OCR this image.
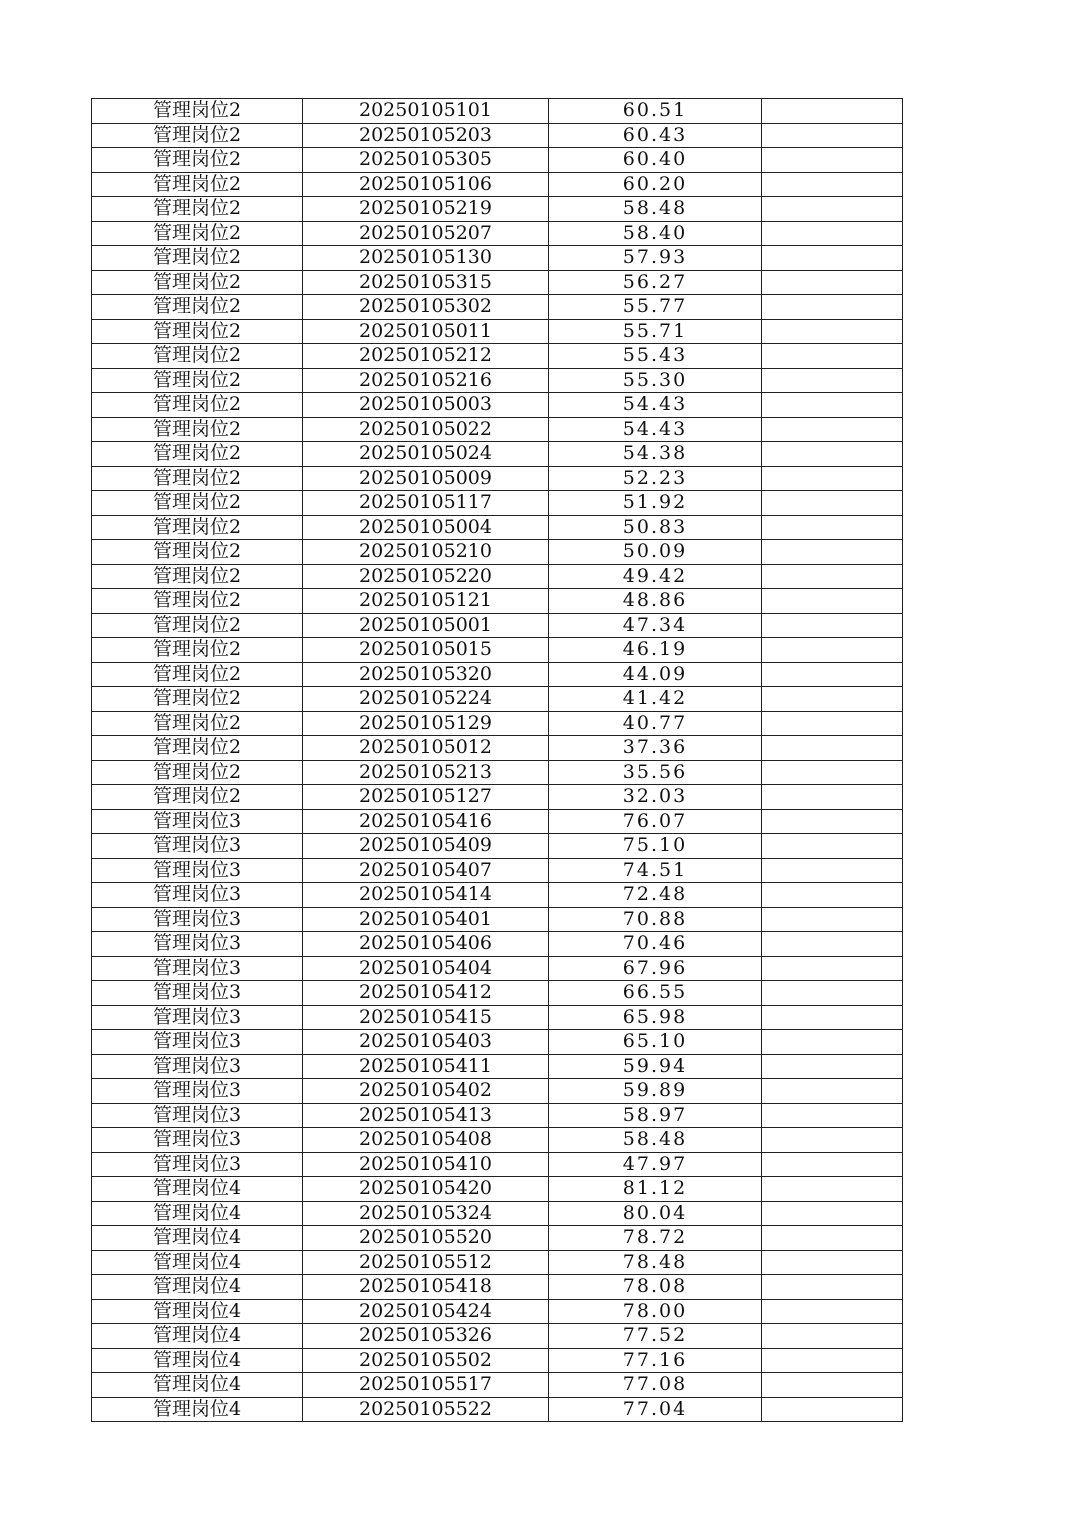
管理岗位2	20250105101	60.51	
管理岗位2	20250105203	60.43	
管理岗位2	20250105305	60.40	
管理岗位2	20250105106	60.20	
管理岗位2	20250105219	58.48	
管理岗位2	20250105207	58.40	
管理岗位2	20250105130	57.93	
管理岗位2	20250105315	56.27	
管理岗位2	20250105302	55.77	
管理岗位2	20250105011	55.71	
管理岗位2	20250105212	55.43	
管理岗位2	20250105216	55.30	
管理岗位2	20250105003	54.43	
管理岗位2	20250105022	54.43	
管理岗位2	20250105024	54.38	
管理岗位2	20250105009	52.23	
管理岗位2	20250105117	51.92	
管理岗位2	20250105004	50.83	
管理岗位2	20250105210	50.09	
管理岗位2	20250105220	49.42	
管理岗位2	20250105121	48.86	
管理岗位2	20250105001	47.34	
管理岗位2	20250105015	46.19	
管理岗位2	20250105320	44.09	
管理岗位2	20250105224	41.42	
管理岗位2	20250105129	40.77	
管理岗位2	20250105012	37.36	
管理岗位2	20250105213	35.56	
管理岗位2	20250105127	32.03	
管理岗位3	20250105416	76.07	
管理岗位3	20250105409	75.10	
管理岗位3	20250105407	74.51	
管理岗位3	20250105414	72.48	
管理岗位3	20250105401	70.88	
管理岗位3	20250105406	70.46	
管理岗位3	20250105404	67.96	
管理岗位3	20250105412	66.55	
管理岗位3	20250105415	65.98	
管理岗位3	20250105403	65.10	
管理岗位3	20250105411	59.94	
管理岗位3	20250105402	59.89	
管理岗位3	20250105413	58.97	
管理岗位3	20250105408	58.48	
管理岗位3	20250105410	47.97	
管理岗位4	20250105420	81.12	
管理岗位4	20250105324	80.04	
管理岗位4	20250105520	78.72	
管理岗位4	20250105512	78.48	
管理岗位4	20250105418	78.08	
管理岗位4	20250105424	78.00	
管理岗位4	20250105326	77.52	
管理岗位4	20250105502	77.16	
管理岗位4	20250105517	77.08	
管理岗位4	20250105522	77.04	
